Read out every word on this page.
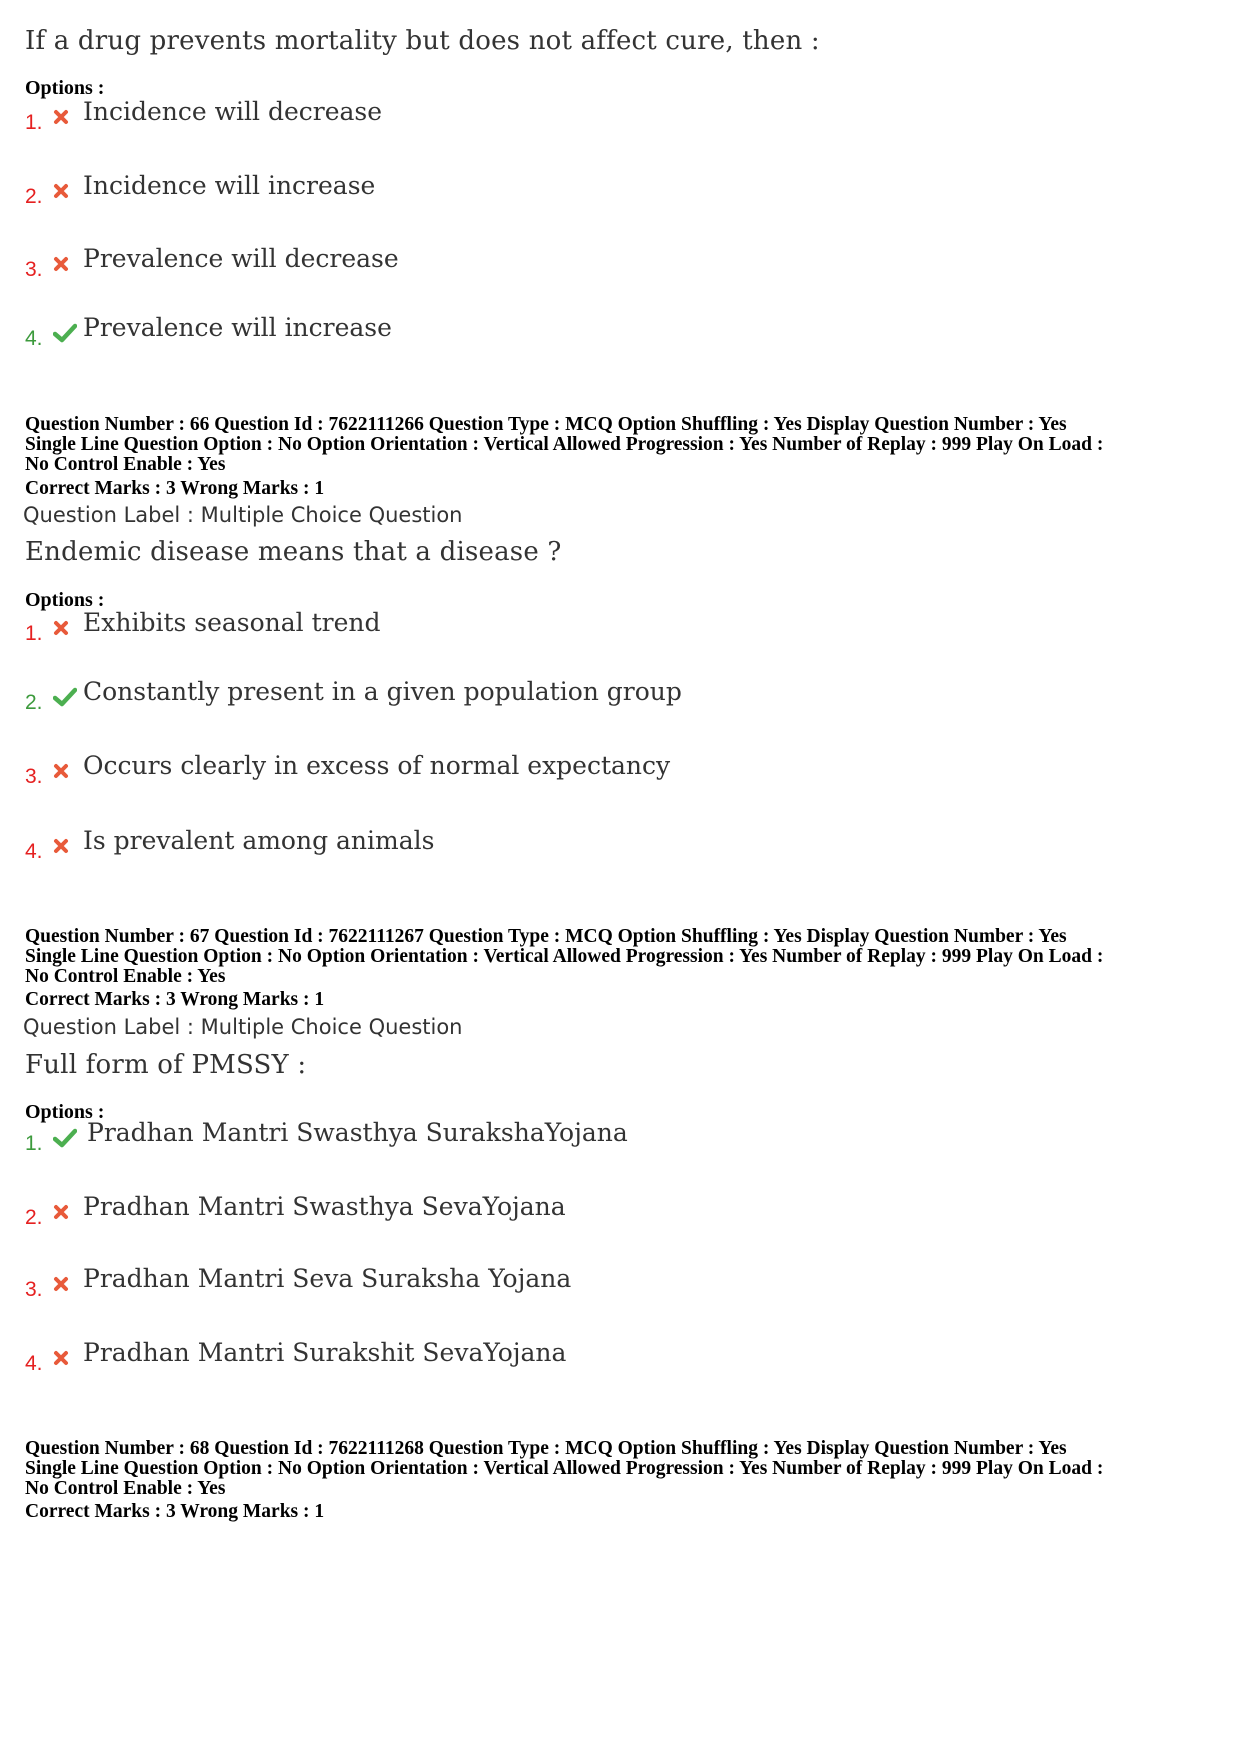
If a drug prevents mortality but does not affect cure, then :
Options :
1. Incidence will decrease
2. Incidence will increase
3. Prevalence will decrease
4. Prevalence will increase
Question Number : 66 Question Id : 7622111266 Question Type : MCQ Option Shuffling : Yes Display Question Number : Yes
Single Line Question Option : No Option Orientation : Vertical Allowed Progression : Yes Number of Replay : 999 Play On Load :
No Control Enable : Yes
Correct Marks : 3 Wrong Marks : 1
Question Label : Multiple Choice Question
Endemic disease means that a disease ?
Options :
1. Exhibits seasonal trend
2. Constantly present in a given population group
3. Occurs clearly in excess of normal expectancy
4. Is prevalent among animals
Question Number : 67 Question Id : 7622111267 Question Type : MCQ Option Shuffling : Yes Display Question Number : Yes
Single Line Question Option : No Option Orientation : Vertical Allowed Progression : Yes Number of Replay : 999 Play On Load :
No Control Enable : Yes
Correct Marks : 3 Wrong Marks : 1
Question Label : Multiple Choice Question
Full form of PMSSY :
Options :
1. Pradhan Mantri Swasthya SurakshaYojana
2. Pradhan Mantri Swasthya SevaYojana
3. Pradhan Mantri Seva Suraksha Yojana
4. Pradhan Mantri Surakshit SevaYojana
Question Number : 68 Question Id : 7622111268 Question Type : MCQ Option Shuffling : Yes Display Question Number : Yes
Single Line Question Option : No Option Orientation : Vertical Allowed Progression : Yes Number of Replay : 999 Play On Load :
No Control Enable : Yes
Correct Marks : 3 Wrong Marks : 1
